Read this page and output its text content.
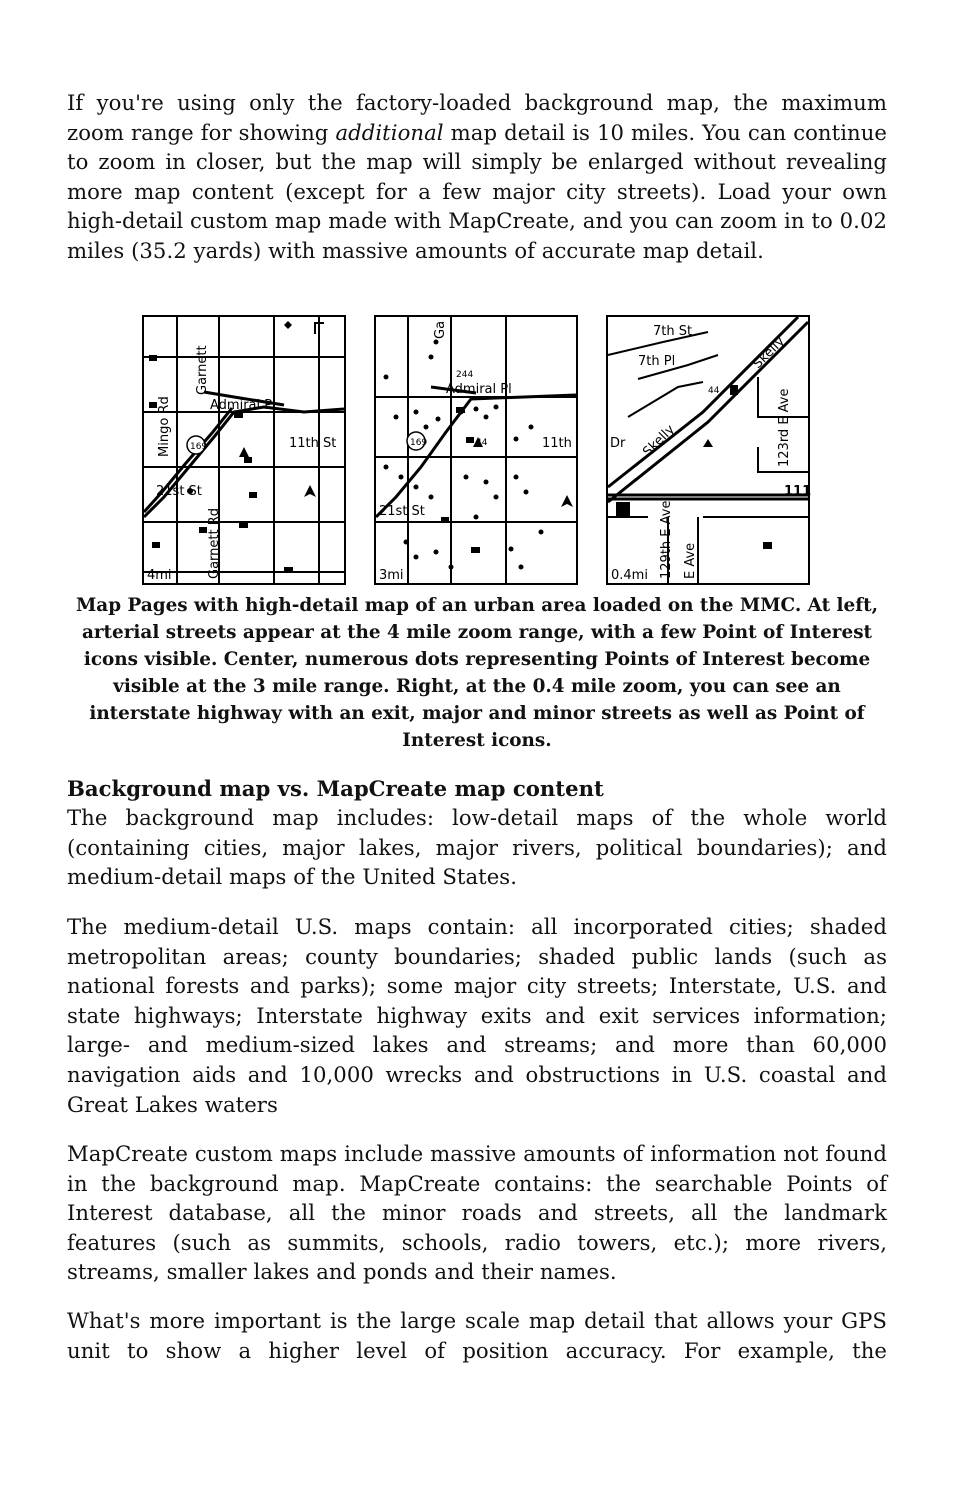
If you're using only the factory-loaded background map, the maximum zoom range for showing additional map detail is 10 miles. You can continue to zoom in closer, but the map will simply be enlarged without revealing more map content (except for a few major city streets). Load your own high-detail custom map made with MapCreate, and you can zoom in to 0.02 miles (35.2 yards) with massive amounts of accurate map detail.

169
Garnett
Admiral Pl
Mingo Rd	11th St
21st St
Garnett Rd
4mi
169
Ga
244
Admiral Pl
44	11th
21st St
3mi
7th St
7th Pl	Skelly
44
Skelly	123rd E Ave
111
129th E Ave E Ave
Dr
0.4mi
Map Pages with high-detail map of an urban area loaded on the MMC. At left, arterial streets appear at the 4 mile zoom range, with a few Point of Interest icons visible. Center, numerous dots representing Points of Interest become visible at the 3 mile range. Right, at the 0.4 mile zoom, you can see an interstate highway with an exit, major and minor streets as well as Point of Interest icons.
Background map vs. MapCreate map content

The background map includes: low-detail maps of the whole world (containing cities, major lakes, major rivers, political boundaries); and medium-detail maps of the United States.

The medium-detail U.S. maps contain: all incorporated cities; shaded metropolitan areas; county boundaries; shaded public lands (such as national forests and parks); some major city streets; Interstate, U.S. and state highways; Interstate highway exits and exit services information; large- and medium-sized lakes and streams; and more than 60,000 navigation aids and 10,000 wrecks and obstructions in U.S. coastal and Great Lakes waters

MapCreate custom maps include massive amounts of information not found in the background map. MapCreate contains: the searchable Points of Interest database, all the minor roads and streets, all the landmark features (such as summits, schools, radio towers, etc.); more rivers, streams, smaller lakes and ponds and their names.

What's more important is the large scale map detail that allows your GPS unit to show a higher level of position accuracy. For example, the
